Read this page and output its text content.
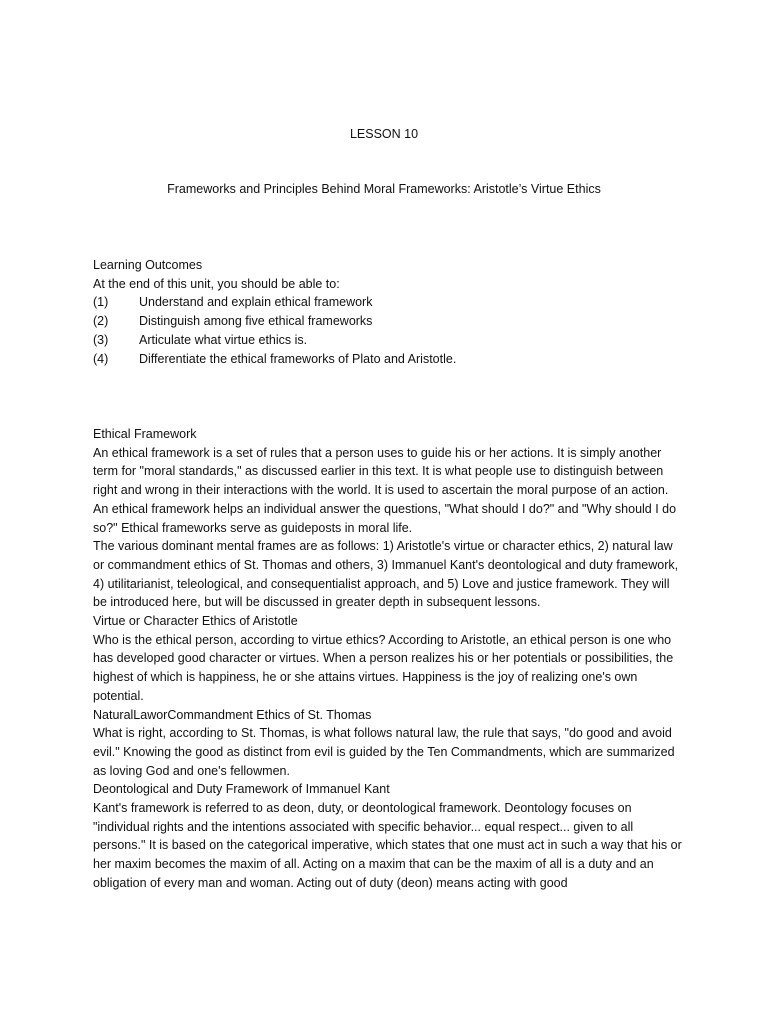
LESSON 10
Frameworks and Principles Behind Moral Frameworks: Aristotle’s Virtue Ethics

Learning Outcomes

At the end of this unit, you should be able to:

(1)	Understand and explain ethical framework
(2)	Distinguish among five ethical frameworks
(3)	Articulate what virtue ethics is.
(4)	Differentiate the ethical frameworks of Plato and Aristotle.

Ethical Framework

An ethical framework is a set of rules that a person uses to guide his or her actions. It is simply another term for "moral standards," as discussed earlier in this text. It is what people use to distinguish between right and wrong in their interactions with the world. It is used to ascertain the moral purpose of an action. An ethical framework helps an individual answer the questions, "What should I do?" and "Why should I do so?" Ethical frameworks serve as guideposts in moral life.

The various dominant mental frames are as follows: 1) Aristotle's virtue or character ethics, 2) natural law or commandment ethics of St. Thomas and others, 3) Immanuel Kant's deontological and duty framework, 4) utilitarianist, teleological, and consequentialist approach, and 5) Love and justice framework. They will be introduced here, but will be discussed in greater depth in subsequent lessons.

Virtue or Character Ethics of Aristotle

Who is the ethical person, according to virtue ethics? According to Aristotle, an ethical person is one who has developed good character or virtues. When a person realizes his or her potentials or possibilities, the highest of which is happiness, he or she attains virtues. Happiness is the joy of realizing one's own potential.

NaturalLaworCommandment Ethics of St. Thomas

What is right, according to St. Thomas, is what follows natural law, the rule that says, "do good and avoid evil." Knowing the good as distinct from evil is guided by the Ten Commandments, which are summarized as loving God and one's fellowmen.

Deontological and Duty Framework of Immanuel Kant

Kant's framework is referred to as deon, duty, or deontological framework. Deontology focuses on "individual rights and the intentions associated with specific behavior... equal respect... given to all persons." It is based on the categorical imperative, which states that one must act in such a way that his or her maxim becomes the maxim of all. Acting on a maxim that can be the maxim of all is a duty and an obligation of every man and woman. Acting out of duty (deon) means acting with good
